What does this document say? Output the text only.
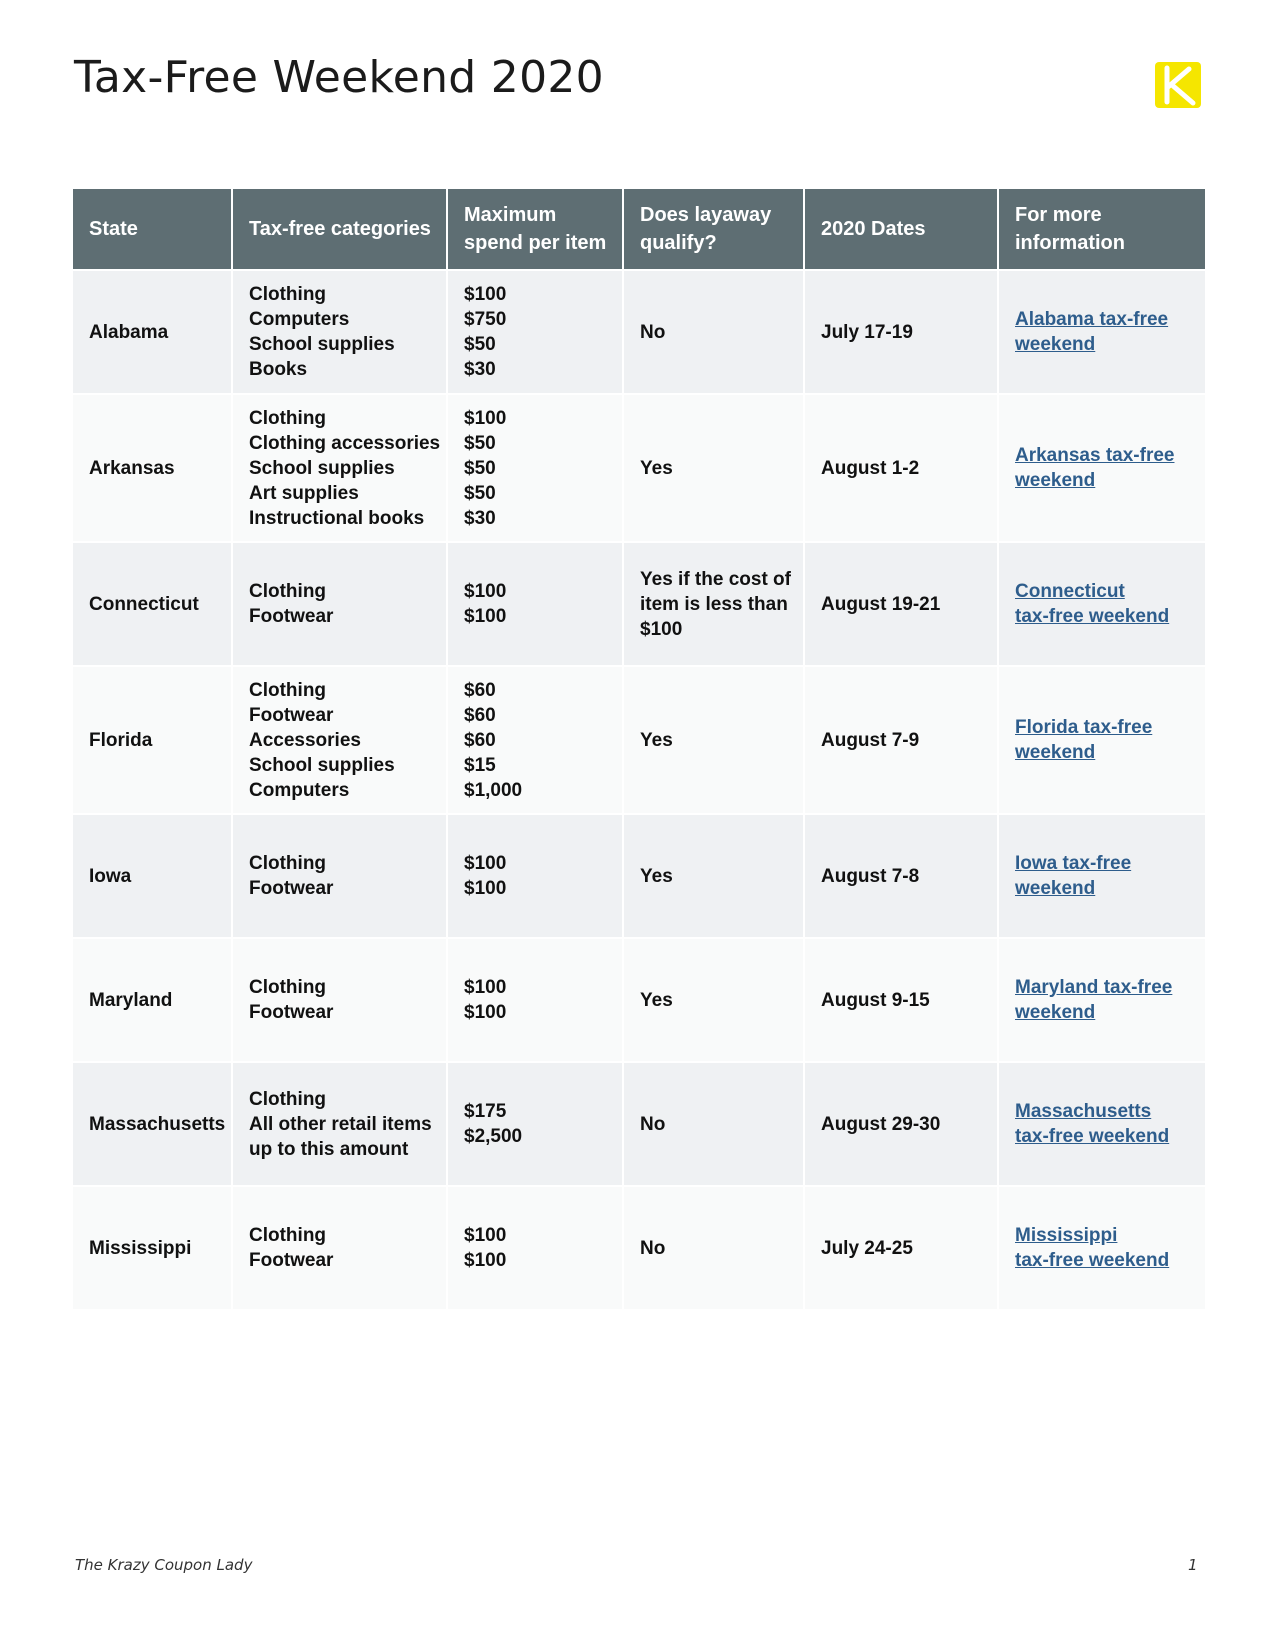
Tax-Free Weekend 2020
State	Tax-free categories	Maximum
spend per item	Does layaway
qualify?	2020 Dates	For more
information

Alabama	Clothing
Computers
School supplies
Books	$100
$750
$50
$30	No	July 17-19	Alabama tax-free
weekend

Arkansas	Clothing
Clothing accessories
School supplies
Art supplies
Instructional books	$100
$50
$50
$50
$30	Yes	August 1-2	Arkansas tax-free
weekend

Connecticut	Clothing
Footwear	$100
$100	Yes if the cost of
item is less than
$100	August 19-21	Connecticut
tax-free weekend

Florida	Clothing
Footwear
Accessories
School supplies
Computers	$60
$60
$60
$15
$1,000	Yes	August 7-9	Florida tax-free
weekend

Iowa	Clothing
Footwear	$100
$100	Yes	August 7-8	Iowa tax-free
weekend

Maryland	Clothing
Footwear	$100
$100	Yes	August 9-15	Maryland tax-free
weekend

Massachusetts	Clothing
All other retail items
up to this amount	$175
$2,500	No	August 29-30	Massachusetts
tax-free weekend

Mississippi	Clothing
Footwear	$100
$100	No	July 24-25	Mississippi
tax-free weekend
The Krazy Coupon Lady	1
